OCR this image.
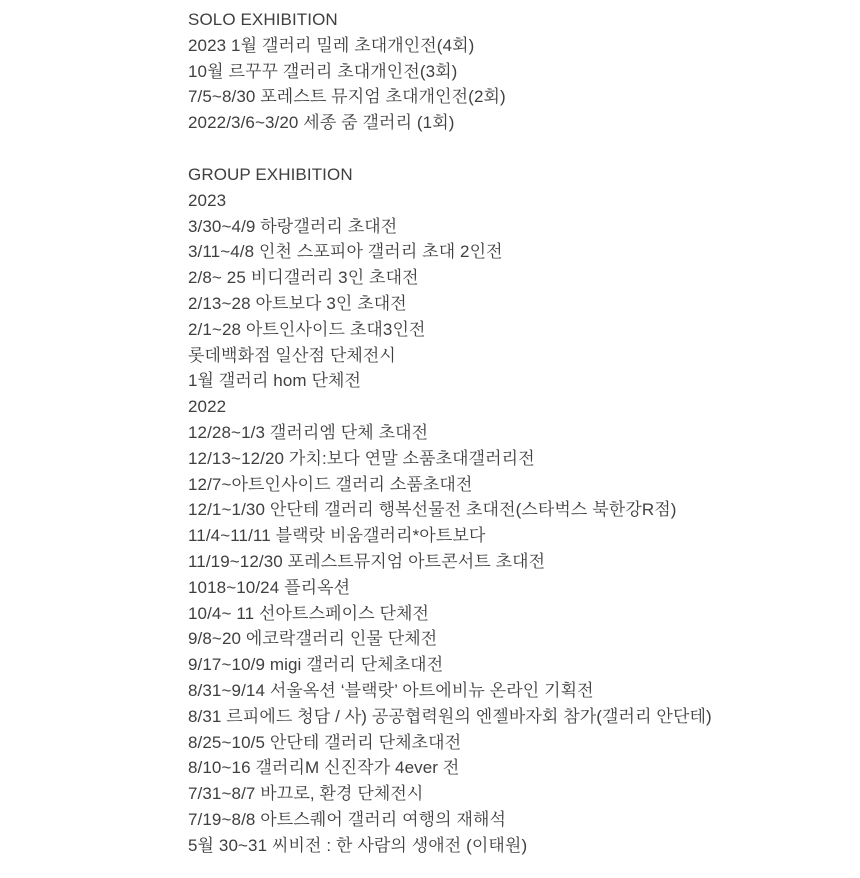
SOLO EXHIBITION
2023 1월 갤러리 밀레 초대개인전(4회)
10월 르꾸꾸 갤러리 초대개인전(3회)
7/5~8/30 포레스트 뮤지엄 초대개인전(2회)
2022/3/6~3/20 세종 줌 갤러리 (1회)
GROUP EXHIBITION
2023
3/30~4/9 하랑갤러리 초대전
3/11~4/8 인천 스포피아 갤러리 초대 2인전
2/8~ 25 비디갤러리 3인 초대전
2/13~28 아트보다 3인 초대전
2/1~28 아트인사이드 초대3인전
롯데백화점 일산점 단체전시
1월 갤러리 hom 단체전
2022
12/28~1/3 갤러리엠 단체 초대전
12/13~12/20 가치:보다 연말 소품초대갤러리전
12/7~아트인사이드 갤러리 소품초대전
12/1~1/30 안단테 갤러리 행복선물전 초대전(스타벅스 북한강R점)
11/4~11/11 블랙랏 비움갤러리*아트보다
11/19~12/30 포레스트뮤지엄 아트콘서트 초대전
1018~10/24 플리옥션
10/4~ 11 선아트스페이스 단체전
9/8~20 에코락갤러리 인물 단체전
9/17~10/9 migi 갤러리 단체초대전
8/31~9/14 서울옥션 ‘블랙랏’ 아트에비뉴 온라인 기획전
8/31 르피에드 청담 / 사) 공공협력원의 엔젤바자회 참가(갤러리 안단테)
8/25~10/5 안단테 갤러리 단체초대전
8/10~16 갤러리M 신진작가 4ever 전
7/31~8/7 바끄로, 환경 단체전시
7/19~8/8 아트스퀘어 갤러리 여행의 재해석
5월 30~31 씨비전 : 한 사람의 생애전 (이태원)
